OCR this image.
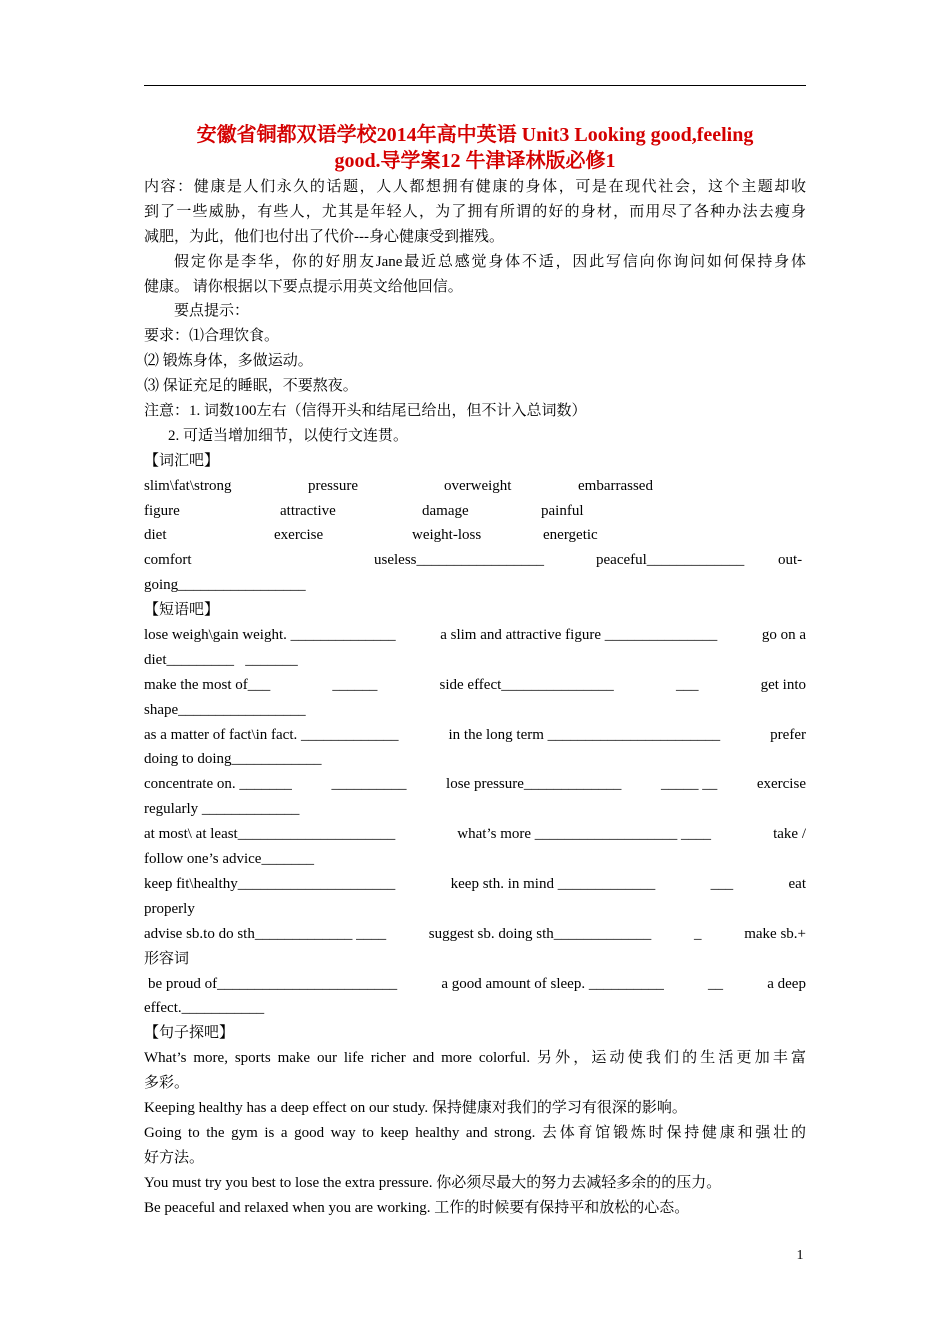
安徽省铜都双语学校2014年高中英语 Unit3 Looking good,feeling
good.导学案12 牛津译林版必修1
内容：健康是人们永久的话题，人人都想拥有健康的身体，可是在现代社会，这个主题却收
到了一些威胁，有些人，尤其是年轻人，为了拥有所谓的好的身材，而用尽了各种办法去瘦身
减肥，为此，他们也付出了代价---身心健康受到摧残。
假定你是李华，你的好朋友Jane最近总感觉身体不适，因此写信向你询问如何保持身体
健康。 请你根据以下要点提示用英文给他回信。
要点提示：
要求：⑴合理饮食。
⑵ 锻炼身体，多做运动。
⑶ 保证充足的睡眠，不要熬夜。
注意：1. 词数100左右（信得开头和结尾已给出，但不计入总词数）
2. 可适当增加细节，以使行文连贯。
【词汇吧】
slim\fat\strong	pressure	overweight	embarrassed
figure	attractive	damage	painful
diet	exercise	weight-loss	energetic
comfort	useless_________________	peaceful_____________ out-
going_________________
【短语吧】
lose weigh\gain weight. ______________	a slim and attractive figure _______________	go on a
diet_________ _______
make the most of___	______	side effect_______________	___	get into
shape_________________
as a matter of fact\in fact. _____________	in the long term _______________________	prefer
doing to doing____________
concentrate on. _______	__________	lose pressure_____________	_____ __	exercise
regularly _____________
at most\ at least_____________________	what’s more ___________________ ____	take /
follow one’s advice_______
keep fit\healthy_____________________	keep sth. in mind _____________	___	eat
properly
advise sb.to do sth_____________ ____	suggest sb. doing sth_____________	_	make sb.+
形容词
be proud of________________________	a good amount of sleep. __________	__	a deep
effect.___________
【句子探吧】
What’s more, sports make our life richer and more colorful. 另外，运动使我们的生活更加丰富
多彩。
Keeping healthy has a deep effect on our study. 保持健康对我们的学习有很深的影响。
Going to the gym is a good way to keep healthy and strong. 去体育馆锻炼时保持健康和强壮的
好方法。
You must try you best to lose the extra pressure. 你必须尽最大的努力去减轻多余的的压力。
Be peaceful and relaxed when you are working. 工作的时候要有保持平和放松的心态。
1
